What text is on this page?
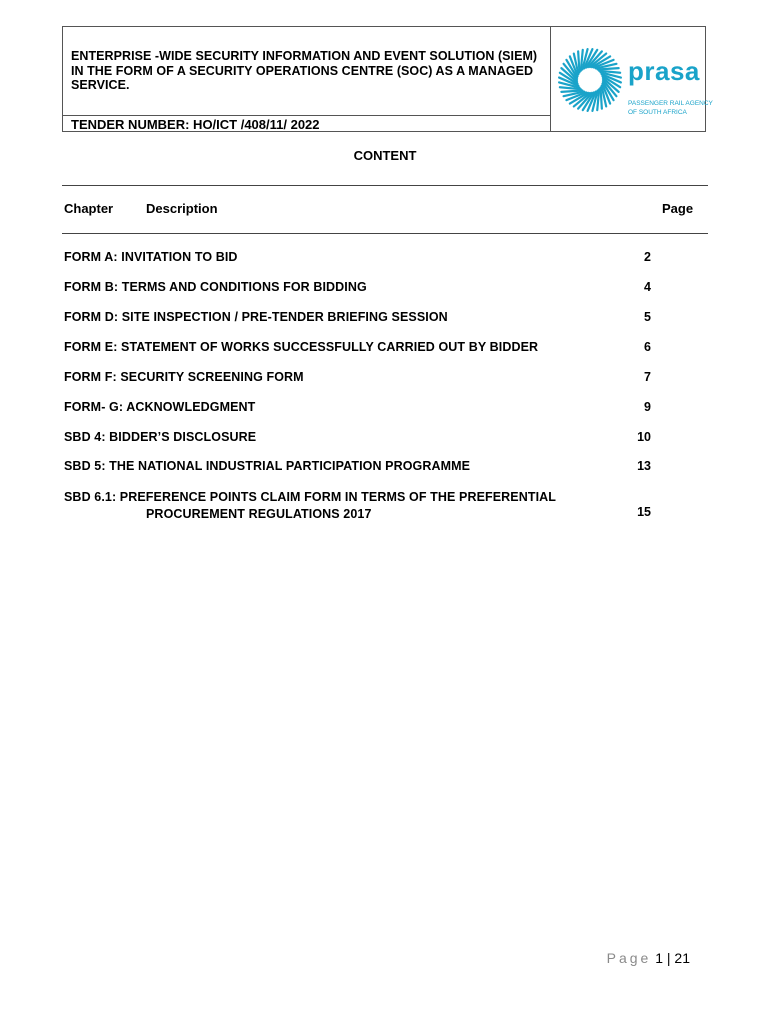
ENTERPRISE -WIDE SECURITY INFORMATION AND EVENT SOLUTION (SIEM) IN THE FORM OF A SECURITY OPERATIONS CENTRE (SOC) AS A MANAGED SERVICE.
TENDER NUMBER: HO/ICT /408/11/ 2022
prasa
PASSENGER RAIL AGENCY
OF SOUTH AFRICA
CONTENT
Chapter	Description	Page
FORM A: INVITATION TO BID	2
FORM B: TERMS AND CONDITIONS FOR BIDDING	4
FORM D: SITE INSPECTION / PRE-TENDER BRIEFING SESSION	5
FORM E: STATEMENT OF WORKS SUCCESSFULLY CARRIED OUT BY BIDDER	6
FORM F: SECURITY SCREENING FORM	7
FORM- G: ACKNOWLEDGMENT	9
SBD 4: BIDDER’S DISCLOSURE	10
SBD 5: THE NATIONAL INDUSTRIAL PARTICIPATION PROGRAMME	13
SBD 6.1: PREFERENCE POINTS CLAIM FORM IN TERMS OF THE PREFERENTIAL
PROCUREMENT REGULATIONS 2017	15
Page 1 | 21
